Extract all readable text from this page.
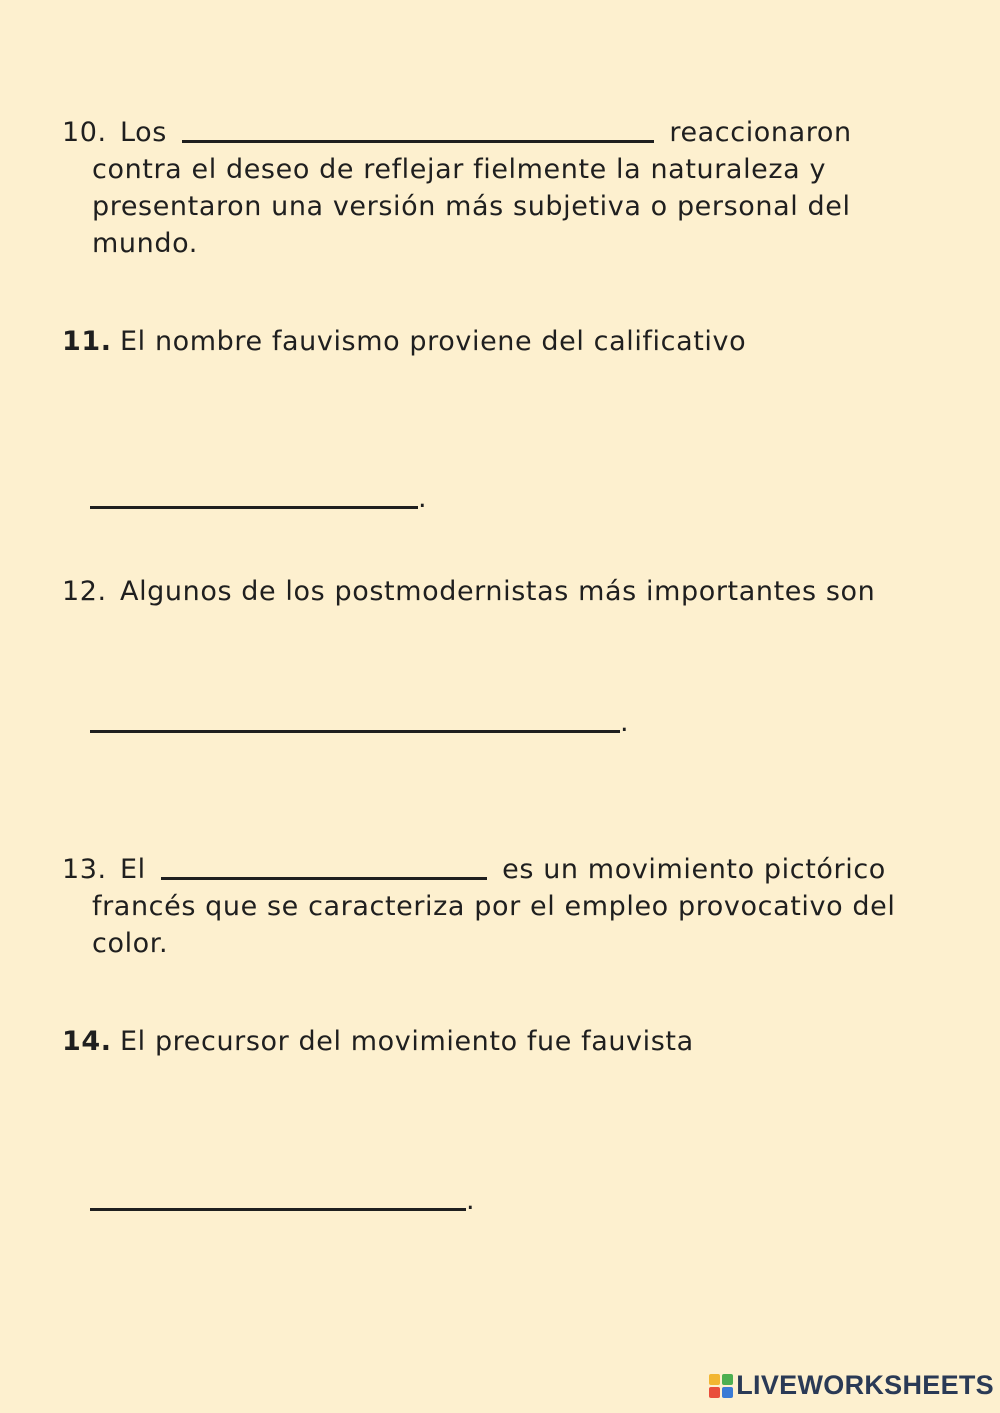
10. Los	reaccionaron
contra el deseo de reflejar fielmente la naturaleza y
presentaron una versión más subjetiva o personal del
mundo.
11. El nombre fauvismo proviene del calificativo
.
12. Algunos de los postmodernistas más importantes son
.
13. El	es un movimiento pictórico
francés que se caracteriza por el empleo provocativo del
color.
14. El precursor del movimiento fue fauvista
.
LIVEWORKSHEETS
